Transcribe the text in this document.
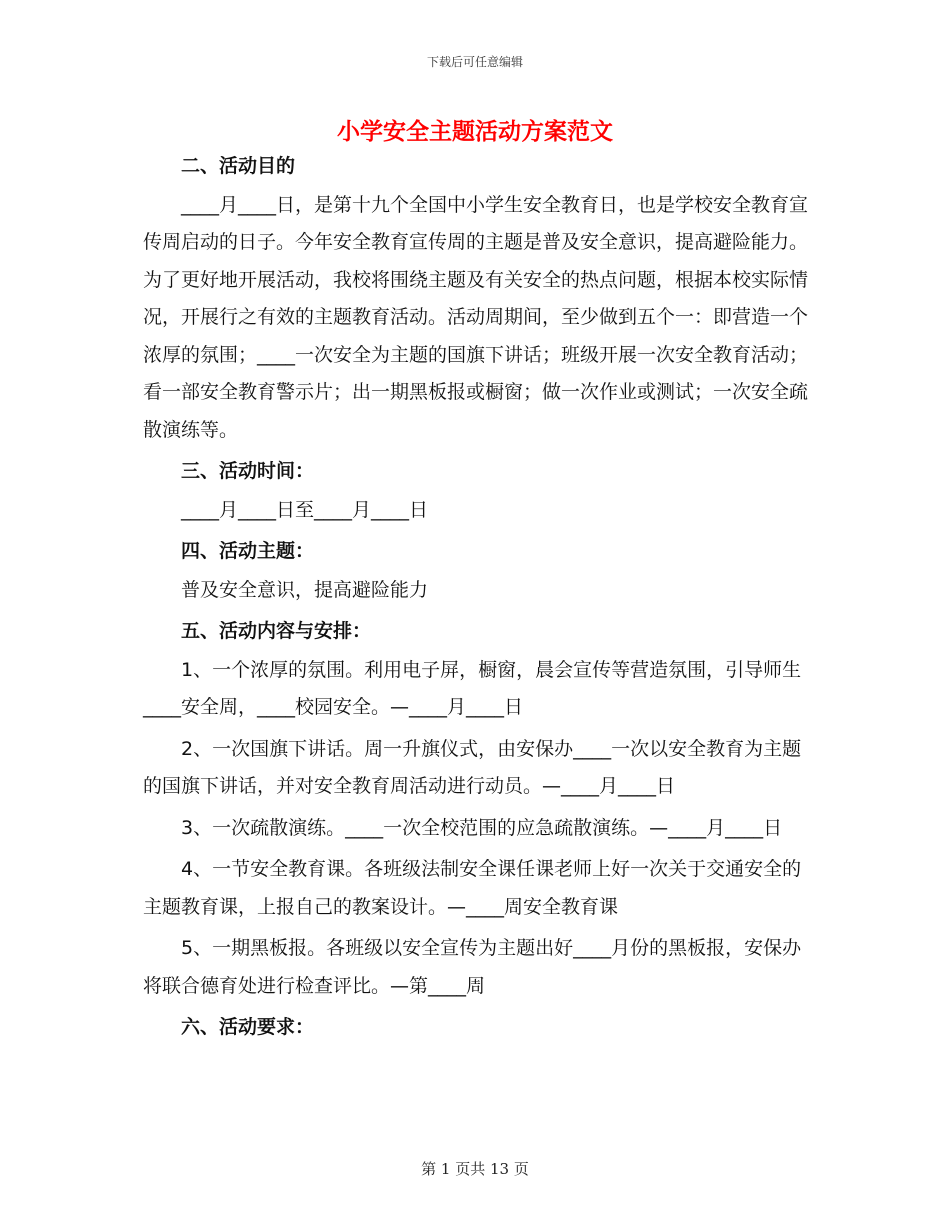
下载后可任意编辑
小学安全主题活动方案范文

二、活动目的

____月____日，是第十九个全国中小学生安全教育日，也是学校安全教育宣传周启动的日子。今年安全教育宣传周的主题是普及安全意识，提高避险能力。为了更好地开展活动，我校将围绕主题及有关安全的热点问题，根据本校实际情况，开展行之有效的主题教育活动。活动周期间，至少做到五个一：即营造一个浓厚的氛围；____一次安全为主题的国旗下讲话；班级开展一次安全教育活动；看一部安全教育警示片；出一期黑板报或橱窗；做一次作业或测试；一次安全疏散演练等。

三、活动时间：

____月____日至____月____日

四、活动主题：

普及安全意识，提高避险能力

五、活动内容与安排：

1、一个浓厚的氛围。利用电子屏，橱窗，晨会宣传等营造氛围，引导师生____安全周，____校园安全。—____月____日

2、一次国旗下讲话。周一升旗仪式，由安保办____一次以安全教育为主题的国旗下讲话，并对安全教育周活动进行动员。—____月____日

3、一次疏散演练。____一次全校范围的应急疏散演练。—____月____日

4、一节安全教育课。各班级法制安全课任课老师上好一次关于交通安全的主题教育课，上报自己的教案设计。—____周安全教育课

5、一期黑板报。各班级以安全宣传为主题出好____月份的黑板报，安保办将联合德育处进行检查评比。—第____周

六、活动要求：

第 1 页共 13 页
